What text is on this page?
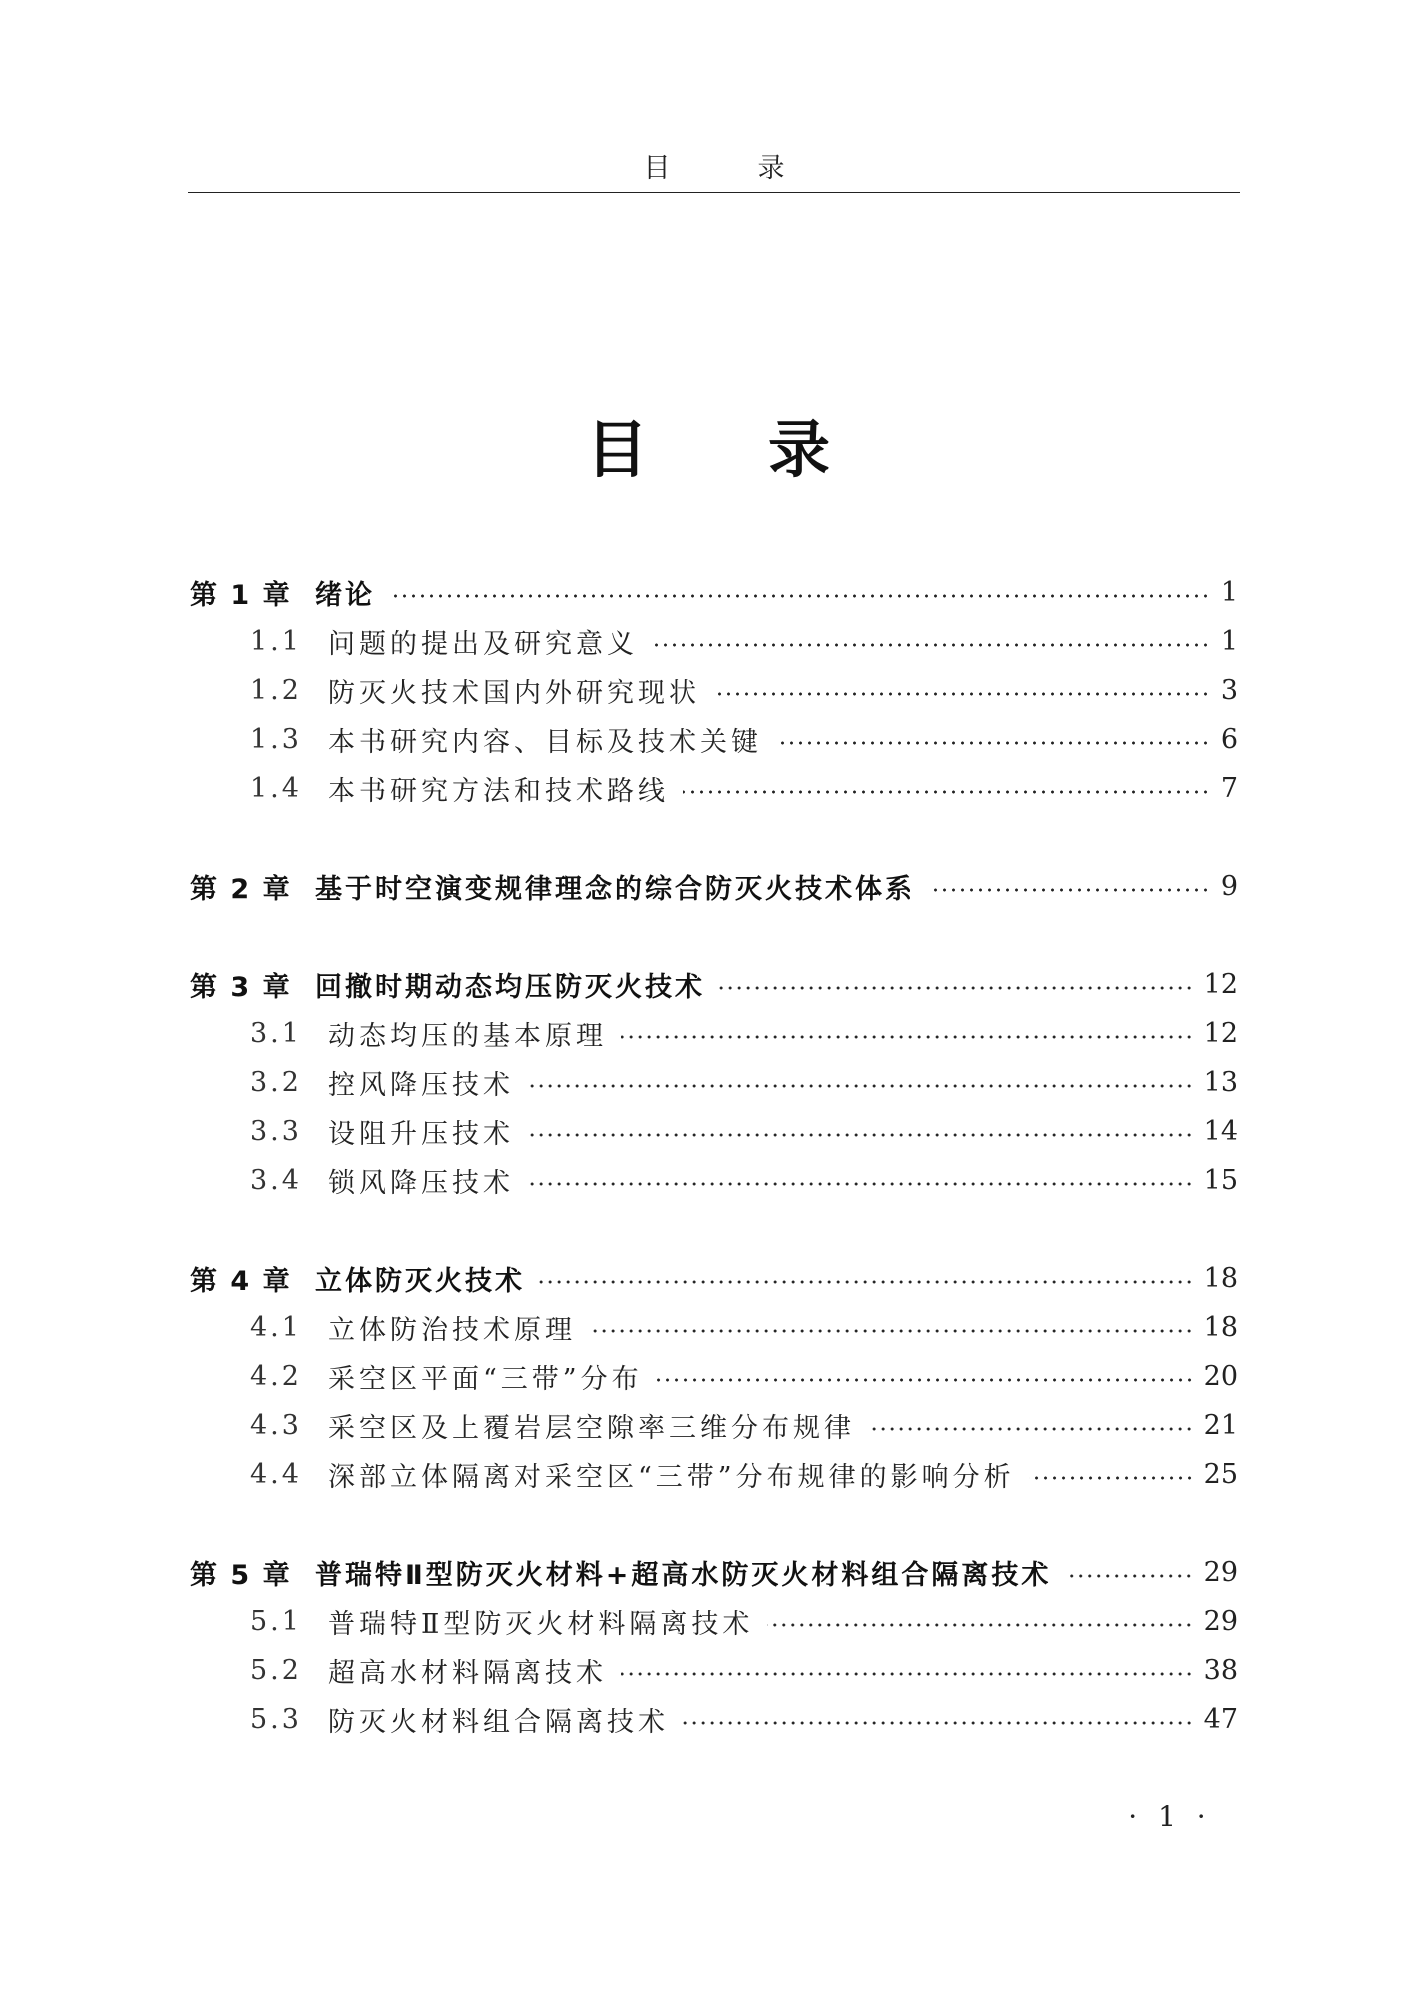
目　录
目录
第 1 章 绪论	1
1.1 问题的提出及研究意义	1
1.2 防灭火技术国内外研究现状	3
1.3 本书研究内容、目标及技术关键	6
1.4 本书研究方法和技术路线	7
第 2 章 基于时空演变规律理念的综合防灭火技术体系	9
第 3 章 回撤时期动态均压防灭火技术	12
3.1 动态均压的基本原理	12
3.2 控风降压技术	13
3.3 设阻升压技术	14
3.4 锁风降压技术	15
第 4 章 立体防灭火技术	18
4.1 立体防治技术原理	18
4.2 采空区平面“三带”分布	20
4.3 采空区及上覆岩层空隙率三维分布规律	21
4.4 深部立体隔离对采空区“三带”分布规律的影响分析	25
第 5 章 普瑞特Ⅱ型防灭火材料+超高水防灭火材料组合隔离技术	29
5.1 普瑞特Ⅱ型防灭火材料隔离技术	29
5.2 超高水材料隔离技术	38
5.3 防灭火材料组合隔离技术	47
· 1 ·
